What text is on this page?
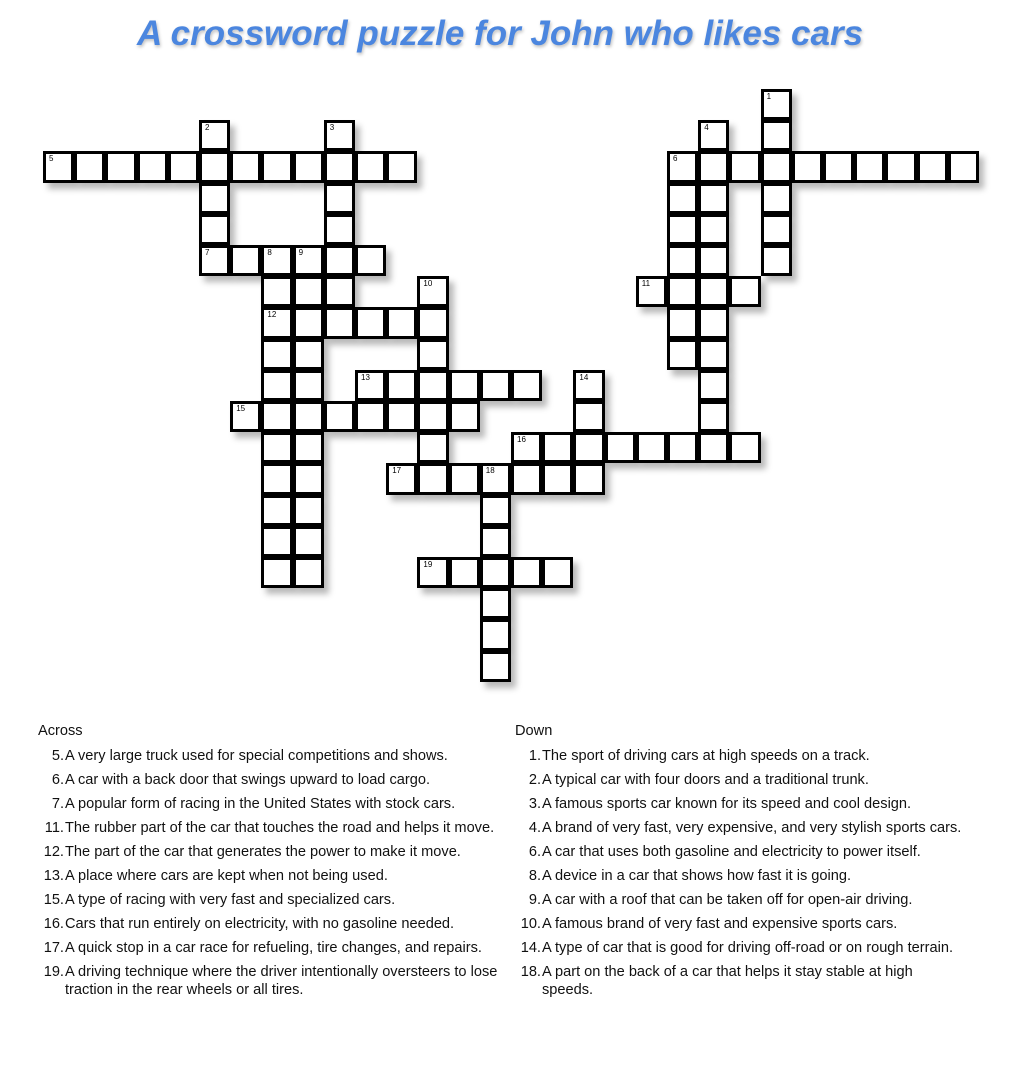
A crossword puzzle for John who likes cars
1
2	3	4
5	6
7	8	9
10	11
12
13	14
15
16
17	18
19
Across
5. A very large truck used for special competitions and shows.
6. A car with a back door that swings upward to load cargo.
7. A popular form of racing in the United States with stock cars.
11. The rubber part of the car that touches the road and helps it move.
12. The part of the car that generates the power to make it move.
13. A place where cars are kept when not being used.
15. A type of racing with very fast and specialized cars.
16. Cars that run entirely on electricity, with no gasoline needed.
17. A quick stop in a car race for refueling, tire changes, and repairs.
19. A driving technique where the driver intentionally oversteers to lose traction in the rear wheels or all tires.
Down
1. The sport of driving cars at high speeds on a track.
2. A typical car with four doors and a traditional trunk.
3. A famous sports car known for its speed and cool design.
4. A brand of very fast, very expensive, and very stylish sports cars.
6. A car that uses both gasoline and electricity to power itself.
8. A device in a car that shows how fast it is going.
9. A car with a roof that can be taken off for open-air driving.
10. A famous brand of very fast and expensive sports cars.
14. A type of car that is good for driving off-road or on rough terrain.
18. A part on the back of a car that helps it stay stable at high speeds.
